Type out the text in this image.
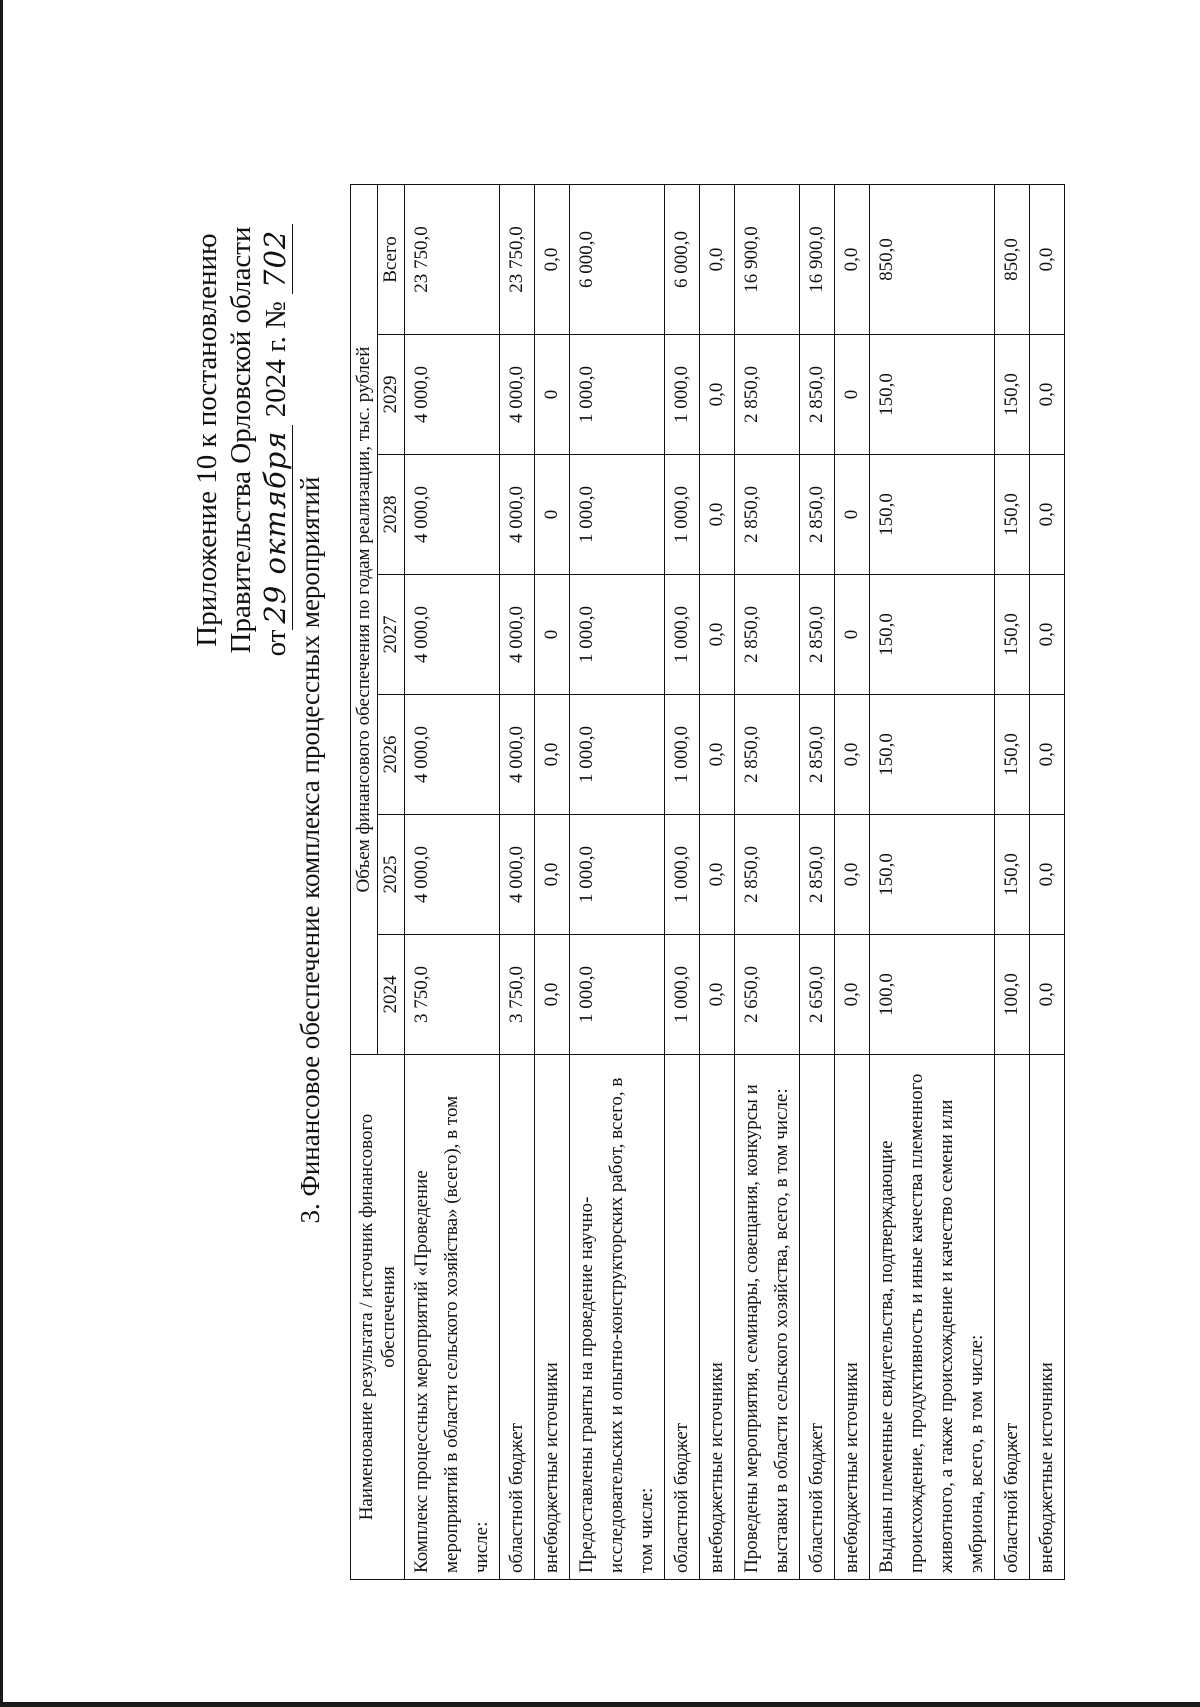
Приложение 10 к постановлению Правительства Орловской области от29 октября 2024 г. № 702
3. Финансовое обеспечение комплекса процессных мероприятий
Наименование результата / источник финансового обеспечения	Объем финансового обеспечения по годам реализации, тыс. рублей						
	2024	2025	2026	2027	2028	2029	Всего
Комплекс процессных мероприятий «Проведение мероприятий в области сельского хозяйства» (всего), в том числе:	3 750,0	4 000,0	4 000,0	4 000,0	4 000,0	4 000,0	23 750,0
областной бюджет	3 750,0	4 000,0	4 000,0	4 000,0	4 000,0	4 000,0	23 750,0
внебюджетные источники	0,0	0,0	0,0	0	0	0	0,0
Предоставлены гранты на проведение научно-исследовательских и опытно-конструкторских работ, всего, в том числе:	1 000,0	1 000,0	1 000,0	1 000,0	1 000,0	1 000,0	6 000,0
областной бюджет	1 000,0	1 000,0	1 000,0	1 000,0	1 000,0	1 000,0	6 000,0
внебюджетные источники	0,0	0,0	0,0	0,0	0,0	0,0	0,0
Проведены мероприятия, семинары, совещания, конкурсы и выставки в области сельского хозяйства, всего, в том числе:	2 650,0	2 850,0	2 850,0	2 850,0	2 850,0	2 850,0	16 900,0
областной бюджет	2 650,0	2 850,0	2 850,0	2 850,0	2 850,0	2 850,0	16 900,0
внебюджетные источники	0,0	0,0	0,0	0	0	0	0,0
Выданы племенные свидетельства, подтверждающие происхождение, продуктивность и иные качества племенного животного, а также происхождение и качество семени или эмбриона, всего, в том числе:	100,0	150,0	150,0	150,0	150,0	150,0	850,0
областной бюджет	100,0	150,0	150,0	150,0	150,0	150,0	850,0
внебюджетные источники	0,0	0,0	0,0	0,0	0,0	0,0	0,0
